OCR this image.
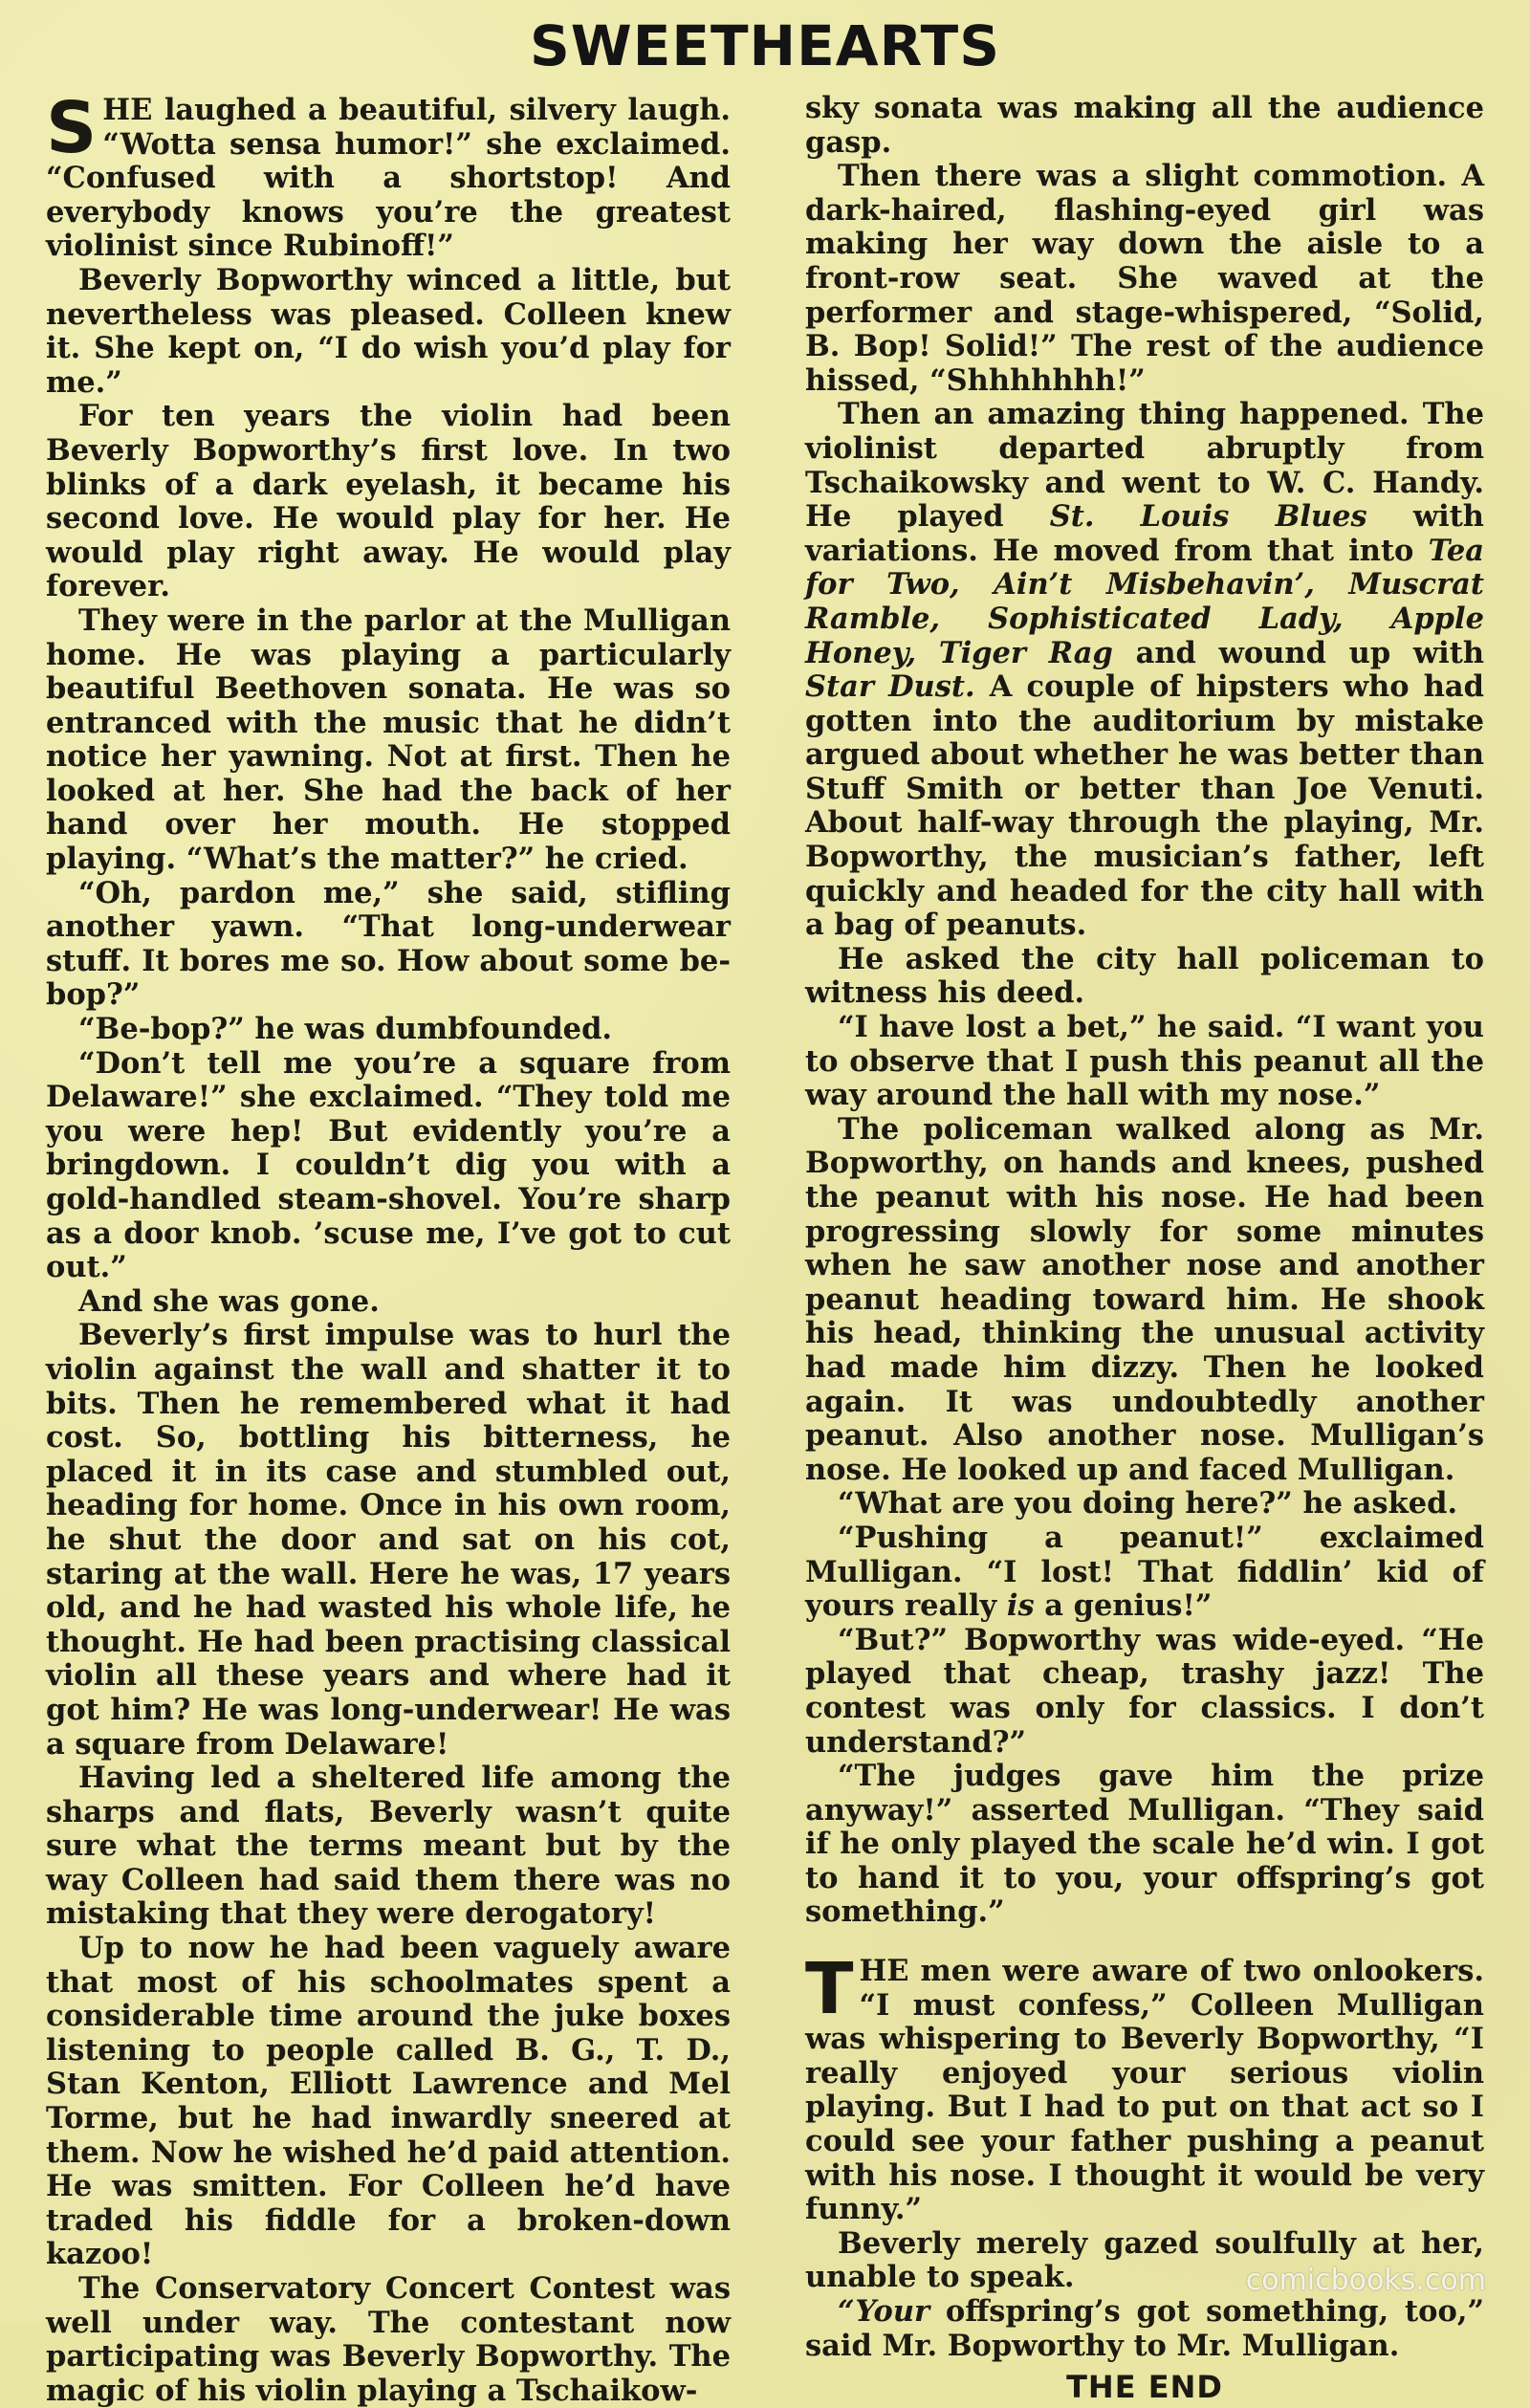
SWEETHEARTS

SHE laughed a beautiful, silvery laugh. “Wotta sensa humor!” she exclaimed. “Confused with a shortstop! And everybody knows you’re the greatest violinist since Rubinoff!”

Beverly Bopworthy winced a little, but nevertheless was pleased. Colleen knew it. She kept on, “I do wish you’d play for me.”

For ten years the violin had been Beverly Bopworthy’s first love. In two blinks of a dark eyelash, it became his second love. He would play for her. He would play right away. He would play forever.

They were in the parlor at the Mulligan home. He was playing a particularly beautiful Beethoven sonata. He was so entranced with the music that he didn’t notice her yawning. Not at first. Then he looked at her. She had the back of her hand over her mouth. He stopped playing. “What’s the matter?” he cried.

“Oh, pardon me,” she said, stifling another yawn. “That long-underwear stuff. It bores me so. How about some be-bop?”

“Be-bop?” he was dumbfounded.

“Don’t tell me you’re a square from Delaware!” she exclaimed. “They told me you were hep! But evidently you’re a bringdown. I couldn’t dig you with a gold-handled steam-shovel. You’re sharp as a door knob. ’scuse me, I’ve got to cut out.”

And she was gone.

Beverly’s first impulse was to hurl the violin against the wall and shatter it to bits. Then he remembered what it had cost. So, bottling his bitterness, he placed it in its case and stumbled out, heading for home. Once in his own room, he shut the door and sat on his cot, staring at the wall. Here he was, 17 years old, and he had wasted his whole life, he thought. He had been practising classical violin all these years and where had it got him? He was long-underwear! He was a square from Delaware!

Having led a sheltered life among the sharps and flats, Beverly wasn’t quite sure what the terms meant but by the way Colleen had said them there was no mistaking that they were derogatory!

Up to now he had been vaguely aware that most of his schoolmates spent a considerable time around the juke boxes listening to people called B. G., T. D., Stan Kenton, Elliott Lawrence and Mel Torme, but he had inwardly sneered at them. Now he wished he’d paid attention. He was smitten. For Colleen he’d have traded his fiddle for a broken-down kazoo!

The Conservatory Concert Contest was well under way. The contestant now participating was Beverly Bopworthy. The magic of his violin playing a Tschaikow-

sky sonata was making all the audience gasp.

Then there was a slight commotion. A dark-haired, flashing-eyed girl was making her way down the aisle to a front-row seat. She waved at the performer and stage-whispered, “Solid, B. Bop! Solid!” The rest of the audience hissed, “Shhhhhhh!”

Then an amazing thing happened. The violinist departed abruptly from Tschaikowsky and went to W. C. Handy. He played St. Louis Blues with variations. He moved from that into Tea for Two, Ain’t Misbehavin’, Muscrat Ramble, Sophisticated Lady, Apple Honey, Tiger Rag and wound up with Star Dust. A couple of hipsters who had gotten into the auditorium by mistake argued about whether he was better than Stuff Smith or better than Joe Venuti. About half-way through the playing, Mr. Bopworthy, the musician’s father, left quickly and headed for the city hall with a bag of peanuts.

He asked the city hall policeman to witness his deed.

“I have lost a bet,” he said. “I want you to observe that I push this peanut all the way around the hall with my nose.”

The policeman walked along as Mr. Bopworthy, on hands and knees, pushed the peanut with his nose. He had been progressing slowly for some minutes when he saw another nose and another peanut heading toward him. He shook his head, thinking the unusual activity had made him dizzy. Then he looked again. It was undoubtedly another peanut. Also another nose. Mulligan’s nose. He looked up and faced Mulligan.

“What are you doing here?” he asked.

“Pushing a peanut!” exclaimed Mulligan. “I lost! That fiddlin’ kid of yours really is a genius!”

“But?” Bopworthy was wide-eyed. “He played that cheap, trashy jazz! The contest was only for classics. I don’t understand?”

“The judges gave him the prize anyway!” asserted Mulligan. “They said if he only played the scale he’d win. I got to hand it to you, your offspring’s got something.”

THE men were aware of two onlookers. “I must confess,” Colleen Mulligan was whispering to Beverly Bopworthy, “I really enjoyed your serious violin playing. But I had to put on that act so I could see your father pushing a peanut with his nose. I thought it would be very funny.”

Beverly merely gazed soulfully at her, unable to speak.

“Your offspring’s got something, too,” said Mr. Bopworthy to Mr. Mulligan.

THE END
comicbooks.com
